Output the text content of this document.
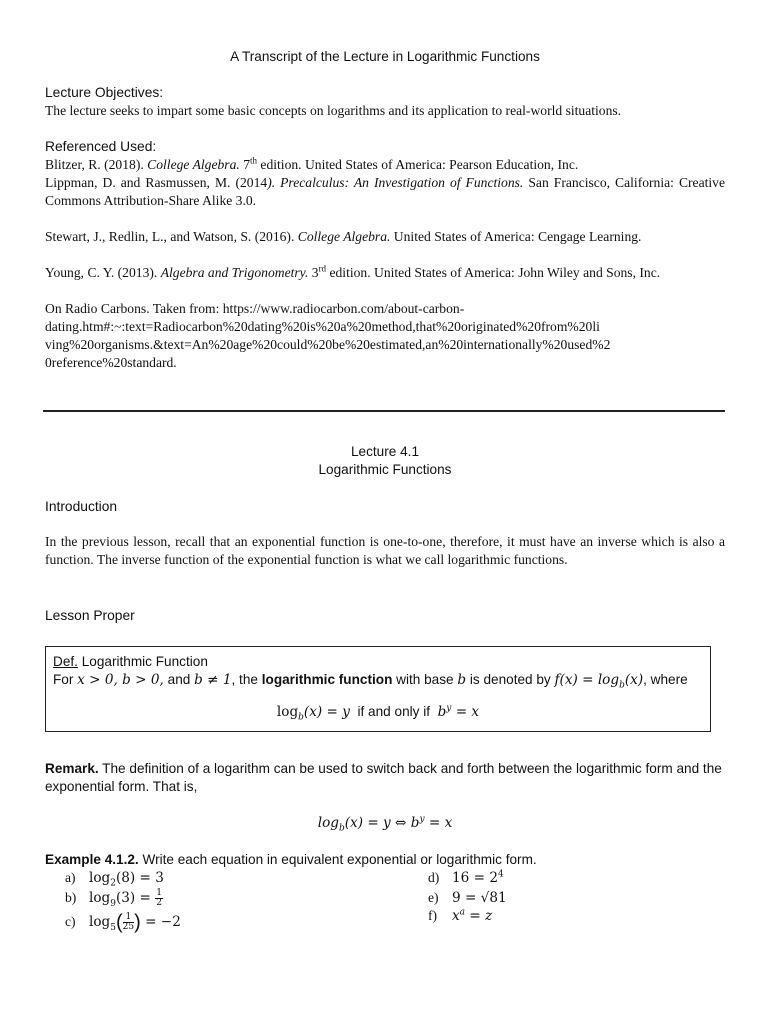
A Transcript of the Lecture in Logarithmic Functions
Lecture Objectives:
The lecture seeks to impart some basic concepts on logarithms and its application to real-world situations.
Referenced Used:
Blitzer, R. (2018). College Algebra. 7th edition. United States of America: Pearson Education, Inc.
Lippman, D. and Rasmussen, M. (2014). Precalculus: An Investigation of Functions. San Francisco, California: Creative Commons Attribution-Share Alike 3.0.
Stewart, J., Redlin, L., and Watson, S. (2016). College Algebra. United States of America: Cengage Learning.
Young, C. Y. (2013). Algebra and Trigonometry. 3rd edition. United States of America: John Wiley and Sons, Inc.
On Radio Carbons. Taken from: https://www.radiocarbon.com/about-carbon-
dating.htm#:~:text=Radiocarbon%20dating%20is%20a%20method,that%20originated%20from%20li
ving%20organisms.&text=An%20age%20could%20be%20estimated,an%20internationally%20used%2
0reference%20standard.
Lecture 4.1
Logarithmic Functions
Introduction
In the previous lesson, recall that an exponential function is one-to-one, therefore, it must have an inverse which is also a function. The inverse function of the exponential function is what we call logarithmic functions.
Lesson Proper
Def. Logarithmic Function
For x > 0, b > 0, and b ≠ 1, the logarithmic function with base b is denoted by $f(x) = \log_b(x)$, where
$\log_b(x) = y$  if and only if  $b^y = x$
Remark. The definition of a logarithm can be used to switch back and forth between the logarithmic form and the exponential form. That is,
$\log_b(x) = y$ ⇔ $b^y = x$
Example 4.1.2. Write each equation in equivalent exponential or logarithmic form.
a) $\log_2(8) = 3$
b) $\log_9(3) = \frac{1}{2}$
c) $\log_5( \frac{1}{25}$ ) = −2
d) $16 = 2^4$
e) 9 = √81
f) $x^a = z$
